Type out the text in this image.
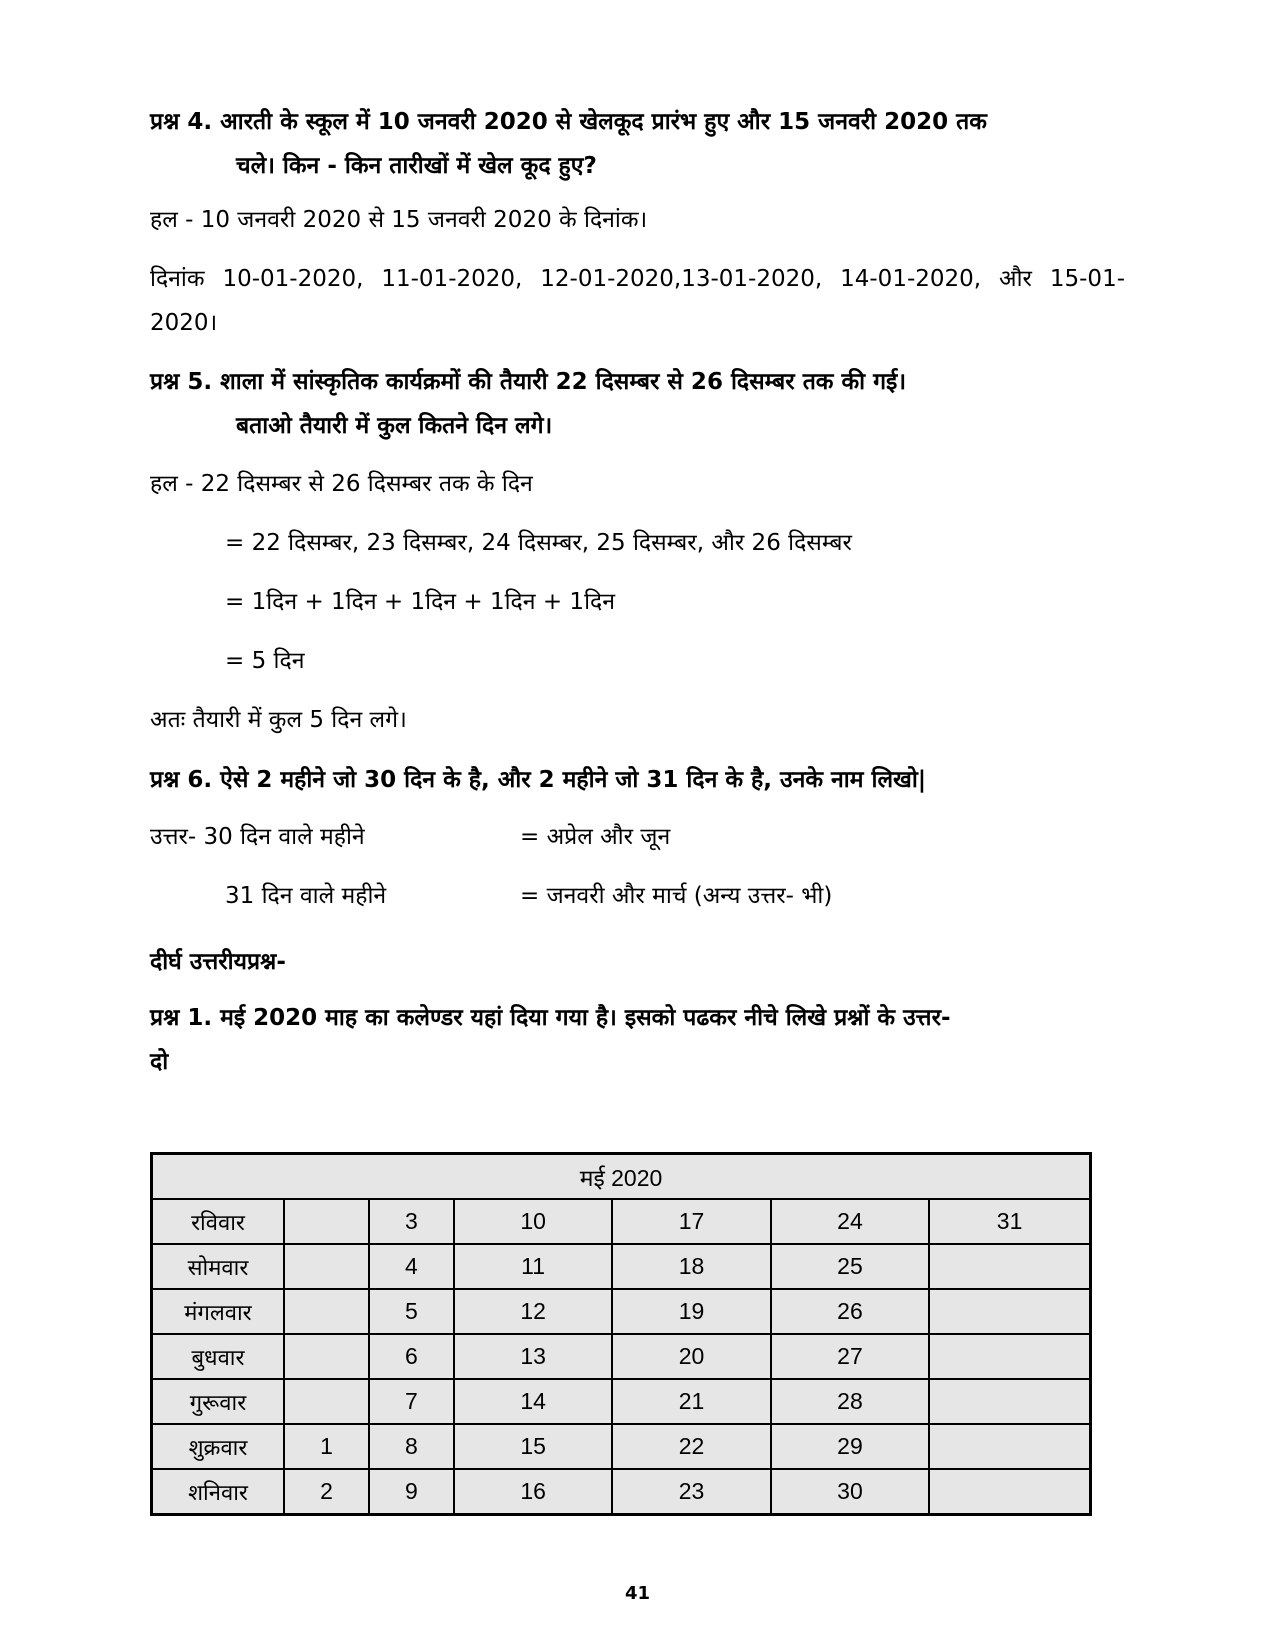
प्रश्न 4. आरती के स्कूल में 10 जनवरी 2020 से खेलकूद प्रारंभ हुए और 15 जनवरी 2020 तक
चले। किन - किन तारीखों में खेल कूद हुए?
हल - 10 जनवरी 2020 से 15 जनवरी 2020 के दिनांक।
दिनांक 10-01-2020, 11-01-2020, 12-01-2020,13-01-2020, 14-01-2020, और 15-01-2020।
प्रश्न 5. शाला में सांस्कृतिक कार्यक्रमों की तैयारी 22 दिसम्बर से 26 दिसम्बर तक की गई।
बताओ तैयारी में कुल कितने दिन लगे।
हल - 22 दिसम्बर से 26 दिसम्बर तक के दिन
= 22 दिसम्बर, 23 दिसम्बर, 24 दिसम्बर, 25 दिसम्बर, और 26 दिसम्बर
= 1दिन + 1दिन + 1दिन + 1दिन + 1दिन
= 5 दिन
अतः तैयारी में कुल 5 दिन लगे।
प्रश्न 6. ऐसे 2 महीने जो 30 दिन के है, और 2 महीने जो 31 दिन के है, उनके नाम लिखो|
उत्तर- 30 दिन वाले महीने	= अप्रेल और जून
31 दिन वाले महीने	= जनवरी और मार्च (अन्य उत्तर- भी)
दीर्घ उत्तरीयप्रश्न-
प्रश्न 1. मई 2020 माह का कलेण्डर यहां दिया गया है। इसको पढकर नीचे लिखे प्रश्नों के उत्तर-
दो
मई 2020						
रविवार		3	10	17	24	31
सोमवार		4	11	18	25	
मंगलवार		5	12	19	26	
बुधवार		6	13	20	27	
गुरूवार		7	14	21	28	
शुक्रवार	1	8	15	22	29	
शनिवार	2	9	16	23	30	
41
